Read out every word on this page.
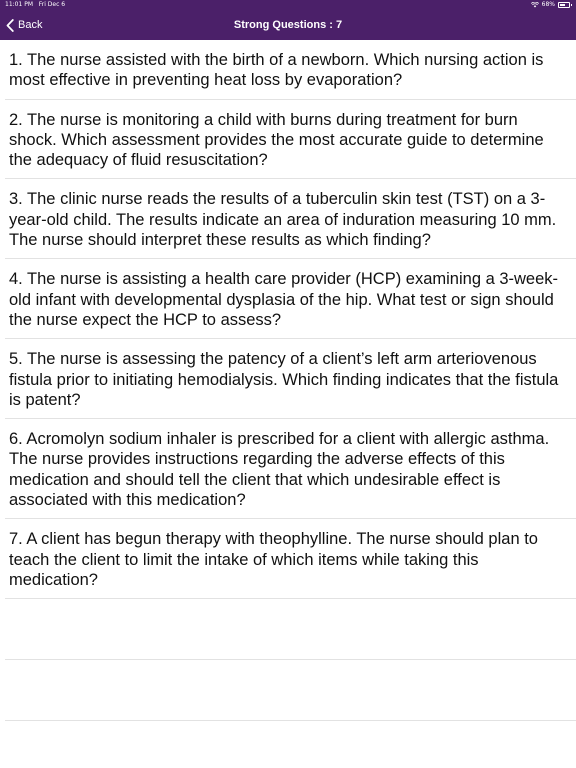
11:01 PM Fri Dec 6	68%
Back	Strong Questions : 7
1. The nurse assisted with the birth of a newborn. Which nursing action is most effective in preventing heat loss by evaporation?
2. The nurse is monitoring a child with burns during treatment for burn shock. Which assessment provides the most accurate guide to determine the adequacy of fluid resuscitation?
3. The clinic nurse reads the results of a tuberculin skin test (TST) on a 3-year-old child. The results indicate an area of induration measuring 10 mm. The nurse should interpret these results as which finding?
4. The nurse is assisting a health care provider (HCP) examining a 3-week-old infant with developmental dysplasia of the hip. What test or sign should the nurse expect the HCP to assess?
5. The nurse is assessing the patency of a client’s left arm arteriovenous fistula prior to initiating hemodialysis. Which finding indicates that the fistula is patent?
6. Acromolyn sodium inhaler is prescribed for a client with allergic asthma. The nurse provides instructions regarding the adverse effects of this medication and should tell the client that which undesirable effect is associated with this medication?
7. A client has begun therapy with theophylline. The nurse should plan to teach the client to limit the intake of which items while taking this medication?
